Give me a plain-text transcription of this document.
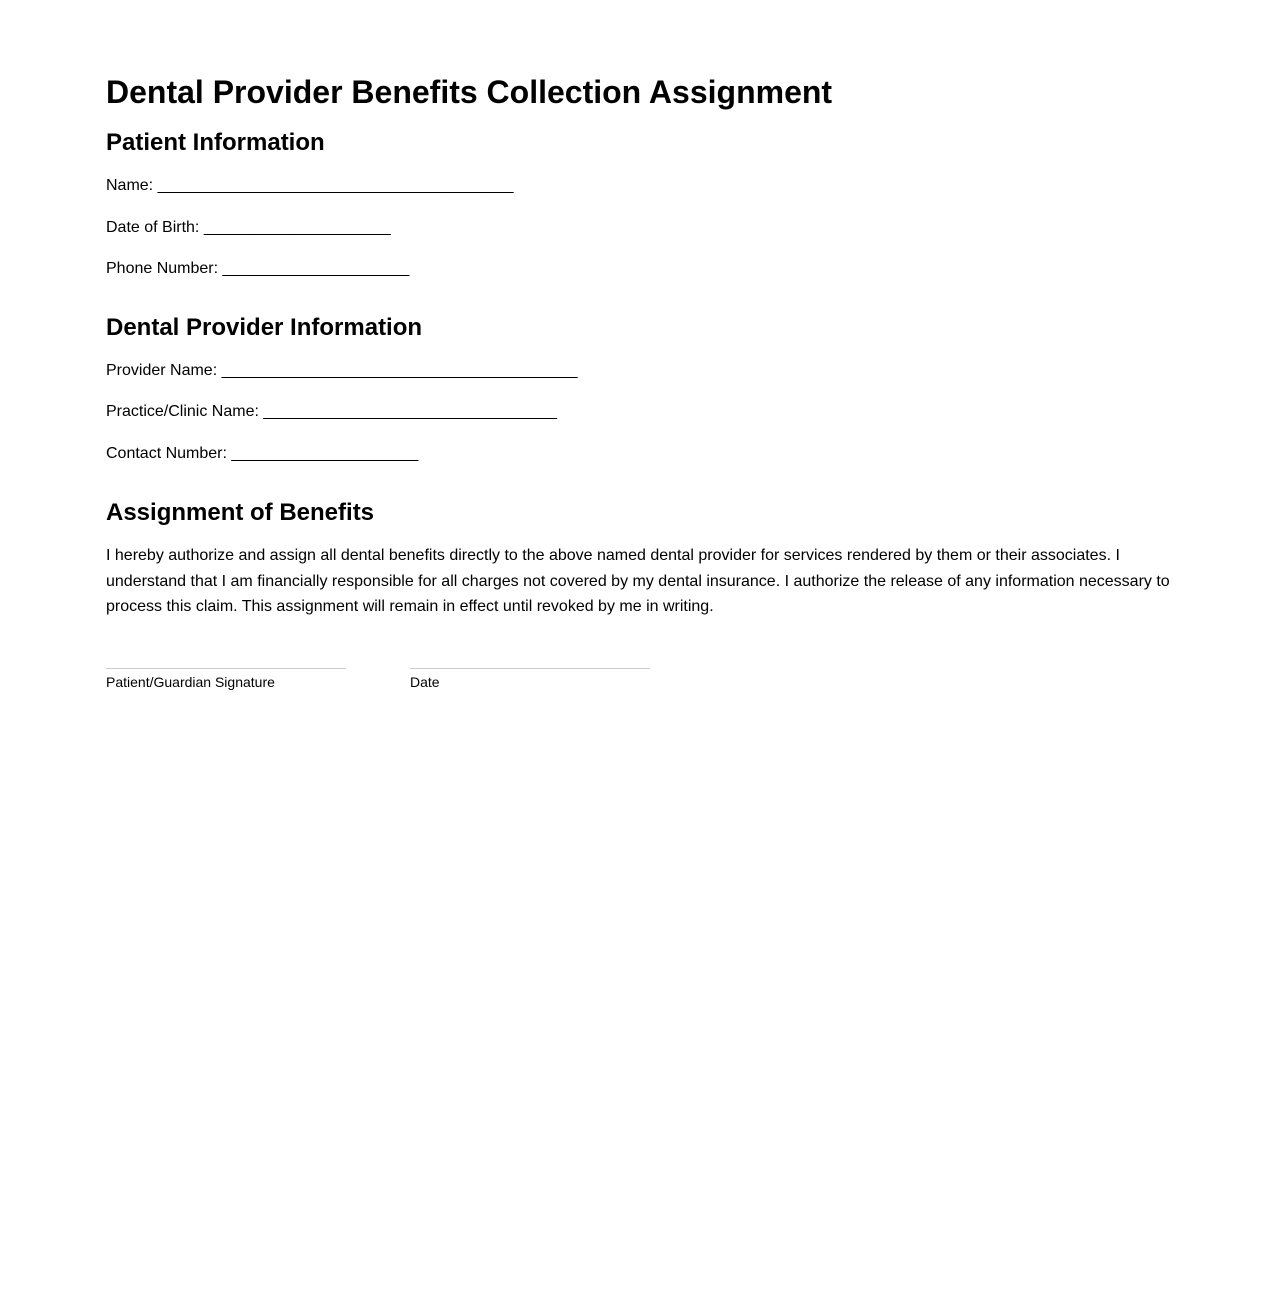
Dental Provider Benefits Collection Assignment
Patient Information
Name: ________________________________________
Date of Birth: _____________________
Phone Number: _____________________
Dental Provider Information
Provider Name: ________________________________________
Practice/Clinic Name: _________________________________
Contact Number: _____________________
Assignment of Benefits

I hereby authorize and assign all dental benefits directly to the above named dental provider for services rendered by them or their associates. I understand that I am financially responsible for all charges not covered by my dental insurance. I authorize the release of any information necessary to process this claim. This assignment will remain in effect until revoked by me in writing.

Patient/Guardian Signature	Date
